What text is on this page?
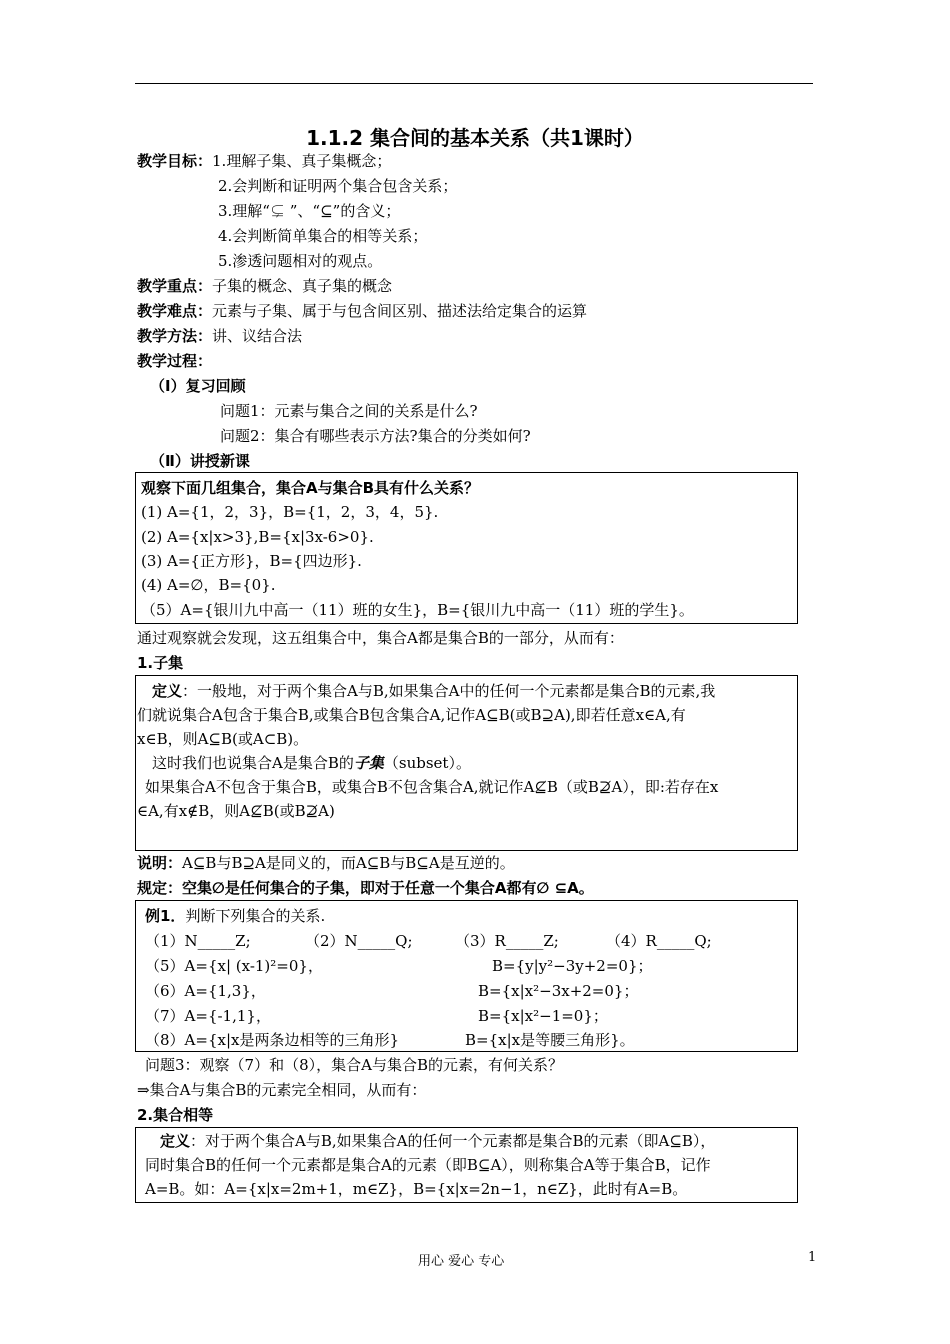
1.1.2 集合间的基本关系（共1课时）
教学目标：1.理解子集、真子集概念；
2.会判断和证明两个集合包含关系；
3.理解“⊊ ”、“⊆”的含义；
4.会判断简单集合的相等关系；
5.渗透问题相对的观点。
教学重点：子集的概念、真子集的概念
教学难点：元素与子集、属于与包含间区别、描述法给定集合的运算
教学方法：讲、议结合法
教学过程：
（I）复习回顾
问题1：元素与集合之间的关系是什么?
问题2：集合有哪些表示方法?集合的分类如何?
（Ⅱ）讲授新课
观察下面几组集合，集合A与集合B具有什么关系？
(1) A={1，2，3}，B={1，2，3，4，5}.
(2) A={x|x>3},B={x|3x-6>0}.
(3) A={正方形}，B={四边形}.
(4) A=∅，B={0}.
（5）A={银川九中高一（11）班的女生}，B={银川九中高一（11）班的学生}。
通过观察就会发现，这五组集合中，集合A都是集合B的一部分，从而有：
1.子集
定义：一般地，对于两个集合A与B,如果集合A中的任何一个元素都是集合B的元素,我
们就说集合A包含于集合B,或集合B包含集合A,记作A⊆B(或B⊇A),即若任意x∈A,有
x∈B，则A⊆B(或A⊂B)。
这时我们也说集合A是集合B的子集（subset）。
如果集合A不包含于集合B，或集合B不包含集合A,就记作A⊈B（或B⊉A），即:若存在x
∈A,有x∉B，则A⊈B(或B⊉A)
说明：A⊆B与B⊇A是同义的，而A⊆B与B⊆A是互逆的。
规定：空集∅是任何集合的子集，即对于任意一个集合A都有∅ ⊆A。
例1．判断下列集合的关系.
（1）N_____Z;	（2）N_____Q;	（3）R_____Z;	（4）R_____Q;
（5）A={x| (x-1)²=0}，	B={y|y²−3y+2=0}；
（6）A={1,3}，	B={x|x²−3x+2=0}；
（7）A={-1,1}，	B={x|x²−1=0}；
（8）A={x|x是两条边相等的三角形}	B={x|x是等腰三角形}。
问题3：观察（7）和（8），集合A与集合B的元素，有何关系？
⇒集合A与集合B的元素完全相同，从而有：
2.集合相等
定义：对于两个集合A与B,如果集合A的任何一个元素都是集合B的元素（即A⊆B），
同时集合B的任何一个元素都是集合A的元素（即B⊆A），则称集合A等于集合B，记作
A=B。如：A={x|x=2m+1，m∈Z}，B={x|x=2n−1，n∈Z}，此时有A=B。
用心 爱心 专心	1
